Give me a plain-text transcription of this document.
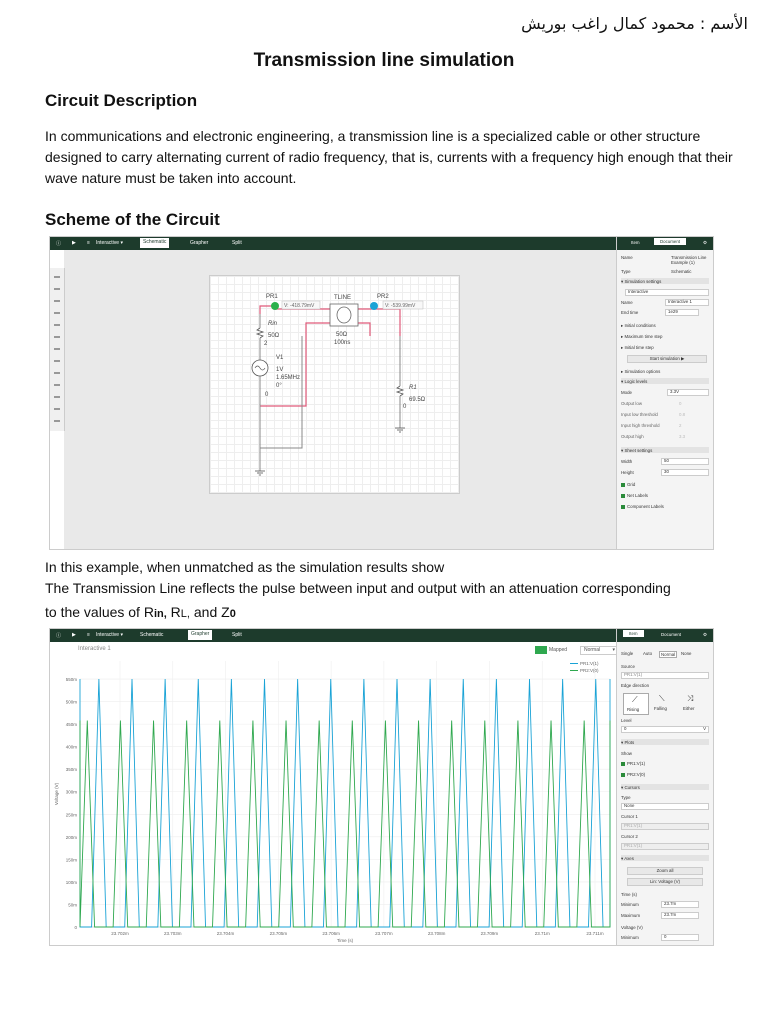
الأسم : محمود كمال راغب بوريش
Transmission line simulation
Circuit Description

In communications and electronic engineering, a transmission line is a specialized cable or other structure designed to carry alternating current of radio frequency, that is, currents with a frequency high enough that their wave nature must be taken into account.

Scheme of the Circuit
ⓘ ▶ ≡ Interactive ▾	Schematic	Grapher	Split
V: -418.79mV	V: -539.99mV
PR1	PR2
TLINE
50Ω
100ns
Rin
50Ω
2
V1
1V
1.65MHz
0°
0
R1
69.5Ω
0
Item	Document	⚙
Name	Transmission Line Example (1)
Type	Schematic
▾ Simulation settings
Interactive
Name	Interactive 1
End time	1e29
▸ Initial conditions
▸ Maximum time step
▸ Initial time step
Start simulation ▶
▸ Simulation options
▾ Logic levels
Mode	3.3V
Output low	0
Input low threshold	0.8
Input high threshold	2
Output high	3.3
▾ Sheet settings
Width	50
Height	30
Grid
Net Labels
Component Labels

In this example, when unmatched as the simulation results show

The Transmission Line reflects the pulse between input and output with an attenuation corresponding

to the values of Rin, RL, and Z0

ⓘ ▶ ≡ Interactive ▾	Schematic	Grapher	Split
Interactive 1	Mapped	Normal ▾
0
50m
100m
150m
200m
250m
300m
350m
400m
450m
500m
550m
23.702m	23.703m	23.704m	23.705m	23.706m	23.707m	23.708m	23.709m	23.71m	23.711m
Time (s)
Voltage (V)
PR1:V(1)
PR2:V(0)
Item	Document	⚙
Single Auto	Normal	None
Source
PR1:V(1)
Edge direction
⟋
Rising
⟍
Falling
⤨
Either
Level
0	V
▾ Plots
Show
PR1:V(1)
PR2:V(0)
▾ Cursors
Type
None
Cursor 1
PR1:V(1)
Cursor 2
PR1:V(1)
▾ Axes
Zoom all
Lin: Voltage (V)
Time (s)
Minimum	23.7m
Maximum	23.7m
Voltage (V)
Minimum	0
